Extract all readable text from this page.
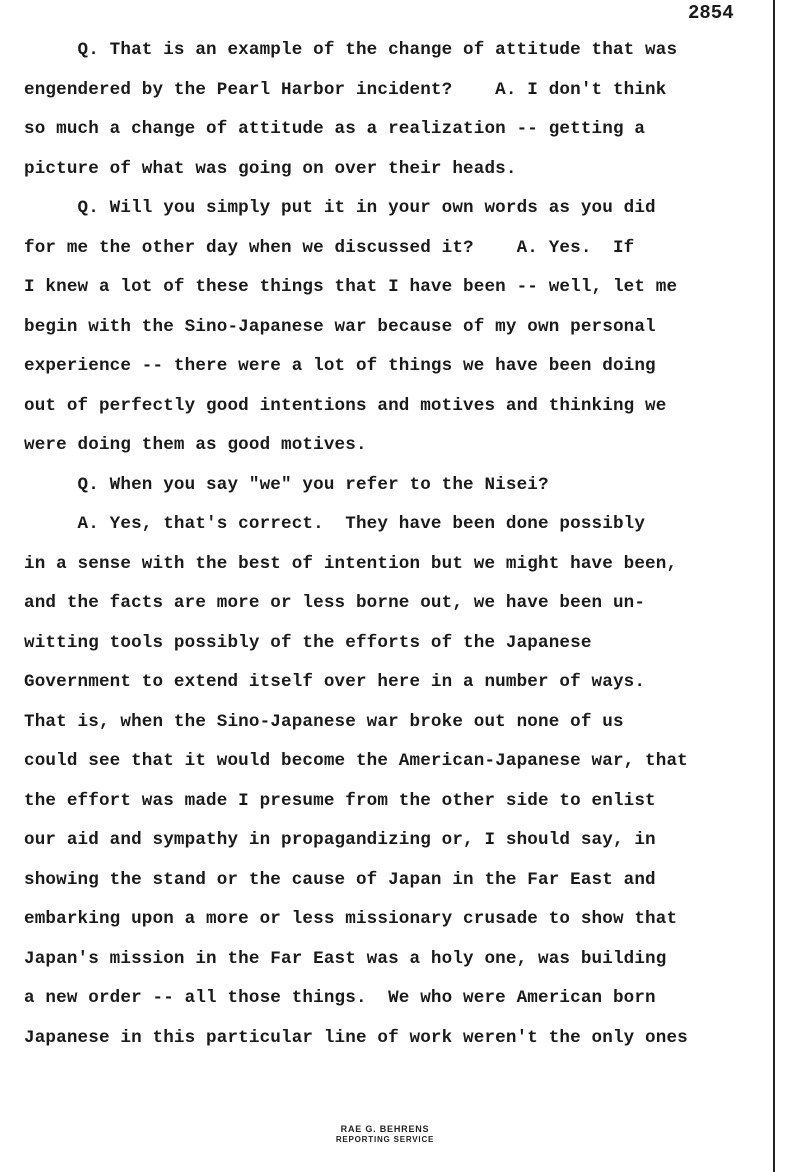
2854
Q. That is an example of the change of attitude that was
engendered by the Pearl Harbor incident?    A. I don't think
so much a change of attitude as a realization -- getting a
picture of what was going on over their heads.
Q. Will you simply put it in your own words as you did
for me the other day when we discussed it?    A. Yes.  If
I knew a lot of these things that I have been -- well, let me
begin with the Sino-Japanese war because of my own personal
experience -- there were a lot of things we have been doing
out of perfectly good intentions and motives and thinking we
were doing them as good motives.
Q. When you say "we" you refer to the Nisei?
A. Yes, that's correct.  They have been done possibly
in a sense with the best of intention but we might have been,
and the facts are more or less borne out, we have been un-
witting tools possibly of the efforts of the Japanese
Government to extend itself over here in a number of ways.
That is, when the Sino-Japanese war broke out none of us
could see that it would become the American-Japanese war, that
the effort was made I presume from the other side to enlist
our aid and sympathy in propagandizing or, I should say, in
showing the stand or the cause of Japan in the Far East and
embarking upon a more or less missionary crusade to show that
Japan's mission in the Far East was a holy one, was building
a new order -- all those things.  We who were American born
Japanese in this particular line of work weren't the only ones
RAE G. BEHRENS
REPORTING SERVICE
